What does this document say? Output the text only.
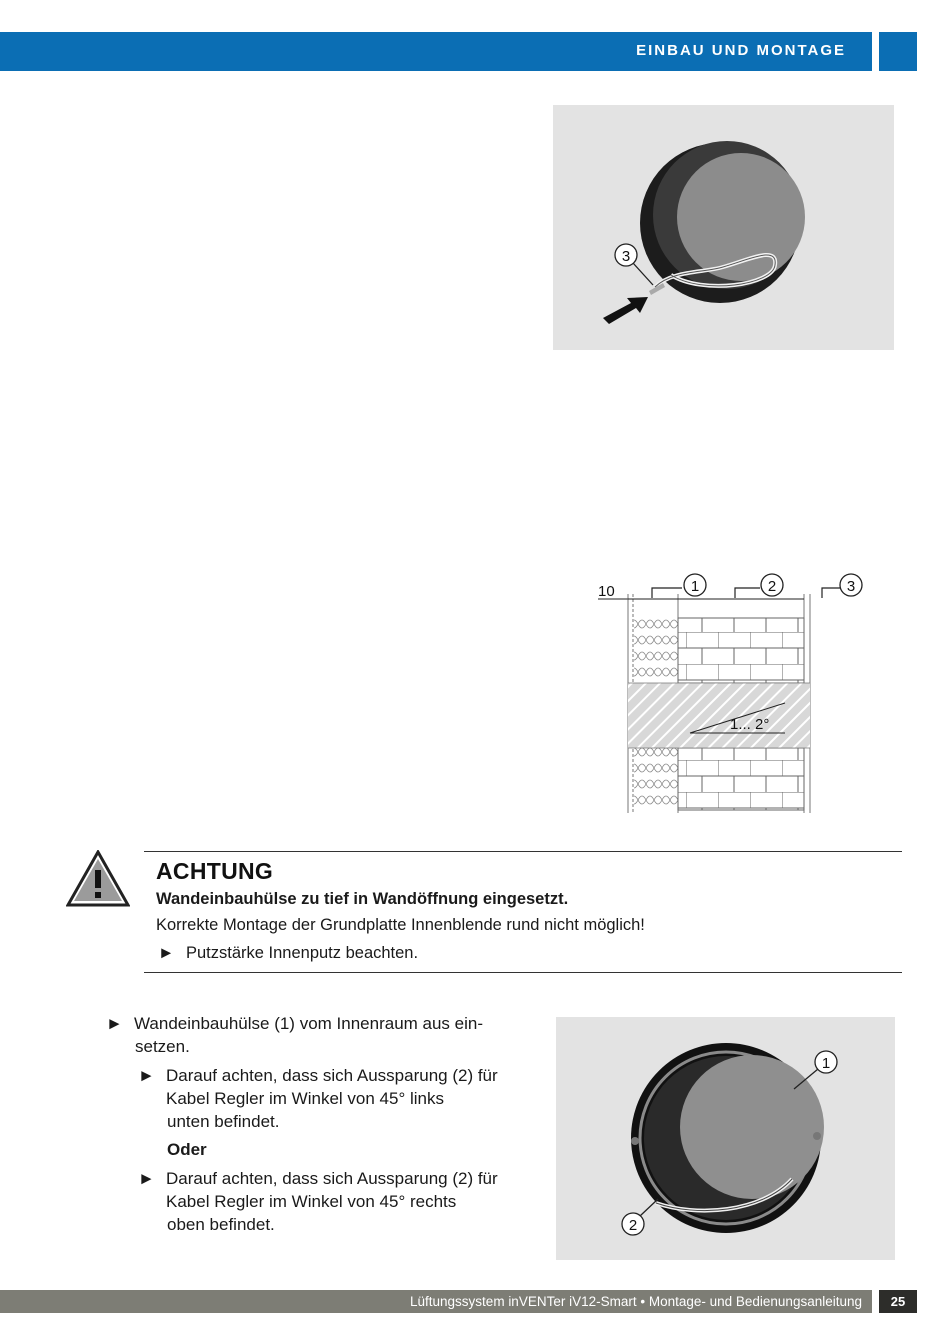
EINBAU UND MONTAGE
3
10	1	2	3
1... 2°
ACHTUNG
Wandeinbauhülse zu tief in Wandöffnung eingesetzt.
Korrekte Montage der Grundplatte Innenblende rund nicht möglich!
► Putzstärke Innenputz beachten.
► Wandeinbauhülse (1) vom Innenraum aus ein-
setzen.
► Darauf achten, dass sich Aussparung (2) für
Kabel Regler im Winkel von 45° links
unten befindet.
Oder
► Darauf achten, dass sich Aussparung (2) für
Kabel Regler im Winkel von 45° rechts
oben befindet.
1
2
Lüftungssystem inVENTer iV12-Smart • Montage- und Bedienungsanleitung	25
